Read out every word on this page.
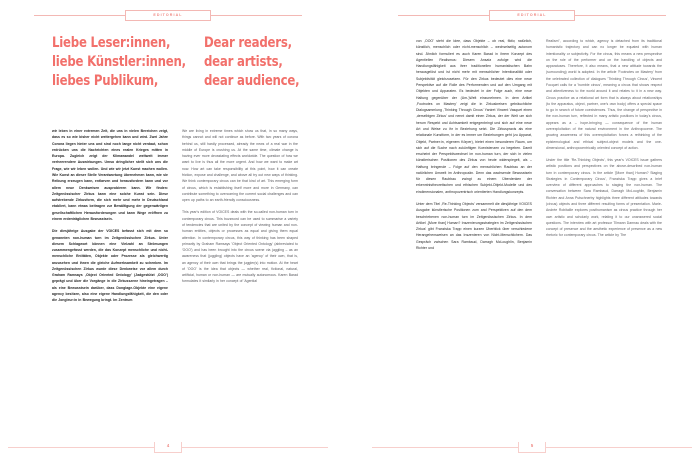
EDITORIAL
Liebe Leser:innen,
liebe Künstler:innen,
liebes Publikum,
Dear readers,
dear artists,
dear audience,

wir leben in einer extremen Zeit, die uns in vielen Bereichen zeigt, dass es so wie bisher nicht weitergehen kann und wird. Zwei Jahre Corona liegen hinter uns und sind noch lange nicht verdaut, schon erdrücken uns die Nachrichten eines realen Krieges mitten in Europa. Zugleich zeigt der Klimawandel weltweit immer verheerendere Auswirkungen. Umso dringlicher stellt sich uns die Frage, wie wir leben wollen. Und wie wir jetzt Kunst machen wollen. Wie Kunst an dieser Stelle Verantwortung übernehmen kann, wie sie Reibung erzeugen kann, entlarven und herausfordern kann und vor allem neue Denkweisen ausprobieren kann. Wir finden: Zeitgenössischer Zirkus kann eine solche Kunst sein. Diese aufstrebende Zirkusform, die sich mehr und mehr in Deutschland etabliert, kann etwas beitragen zur Bewältigung der gegenwärtigen gesellschaftlichen Herausforderungen und kann Wege eröffnen zu einem erdenträglichen Bewusstsein.

Die diesjährige Ausgabe der VOICES befasst sich mit dem so genannten non-human turn im Zeitgenössischen Zirkus. Unter diesem Schlagwort können eine Vielzahl an Strömungen zusammengefasst werden, die das Konzept menschliche und nicht-menschliche Entitäten, Objekte oder Prozesse als gleichwertig anzusehen und ihnen die gleiche Aufmerksamkeit zu schenken. Im Zeitgenössischen Zirkus wurde diese Denkweise vor allem durch Graham Ramsays ,Object Oriented Ontology' (Jadgestützt ,OOO') geprägt und über die Vorgänge in die Zirkusszene hineingetragen – als eine Bewusstsein darüber, dass Donglage-Objekte eine eigene agency besitzen, also eine eigene Handlungsfähigkeit, die den oder die Jongleur:in in Bewegung bringt. Im Zentrum

We are living in extreme times which show us that, in so many ways, things cannot and will not continue as before. With two years of corona behind us, still hardly processed, already the news of a real war in the middle of Europe is crushing us. At the same time, climate change is having ever more devastating effects worldwide. The question of how we want to live is thus all the more urgent. And how we want to make art now. How art can take responsibility at this point, how it can create friction, expose and challenge, and above all try out new ways of thinking. We think contemporary circus can be that kind of art. This emerging form of circus, which is establishing itself more and more in Germany, can contribute something to overcoming the current social challenges and can open up paths to an earth-friendly consciousness.

This year's edition of VOICES deals with the so-called non-human turn in contemporary circus. This buzzword can be used to summarise a variety of tendencies that are united by the concept of viewing human and non-human entities, objects or processes as equal and giving them equal attention. In contemporary circus, this way of thinking has been shaped primarily by Graham Ramsays 'Object Oriented Ontology' (abbreviated to 'OOO') and has been brought into the circus scene via juggling – as an awareness that (juggling) objects have an 'agency' of their own, that is, an agency of their own that brings the juggler(s) into motion. At the heart of 'OOO' is the idea that objects — whether real, fictional, natural, artificial, human or non-human — are mutually autonomous. Karen Barad formulates it similarly in her concept of 'Agential

4
EDITORIAL

von ,OOO' steht die Idee, dass Objekte – ob real, fiktiv, natürlich, künstlich, menschlich oder nicht-menschlich – wechselseitig autonom sind. Ähnlich formuliert es auch Karen Barad in ihrem Konzept des Agentiellen Realismus: Diesem Ansatz zufolge wird die Handlungsfähigkeit aus ihrer traditionellen humanistischen Bahn herausgelöst und ist nicht mehr mit menschlicher Intentionalität oder Subjektivität gleichzusetzen. Für den Zirkus bedeutet dies eine neue Perspektive auf die Rolle des Performenden und auf den Umgang mit Objekten und Apparaten. Es bedeutet in der Folge auch, eine neue Haltung gegenüber der (Um-)Welt einzunehmen. In dem Artikel ,Footnotes on Mastery' zeigt die in Zirkuskreisen gebräuchliche Dialogsammlung ,Thinking Through Circus' Yaniret Vincent Vasquet einen ,derselbigen Zirkus' und nennt damit einen Zirkus, der der Welt um sich herum Respekt und Achtsamkeit entgegenbringt und sich auf eine neue Art und Weise zu ihr in Beziehung setzt. Die Zirkuspraxis als eine relationale Kunstform, in der es immer um Beziehungen geht (zu Apparat, Objekt, Partner:in, eigenem Körper), bietet einen besonderen Raum, um sich auf die Suche nach zukünftigen Koexistenzen zu begeben. Damit erscheint der Perspektivwechsel im non-human turn, der sich in vielen künstlerischen Positionen des Zirkus von heute widerspiegelt, als – Haftung bringende – Folge auf den menschlichen Raubbau an der natürlichen Umwelt im Anthropozän. Denn das wachsende Bewusstsein für diesen Raubbau zwingt zu einem Überdenken der erkenntnistheoretischen und ethischen Subjekt-Objekt-Modelle und des eindimensionalen, anthropozentrisch orientierten Handlungskonzepts.

Unter dem Titel ,Re-Thinking Objects' versammelt die diesjährige VOICES Ausgabe künstlerische Positionen zum and Perspektiven auf den dem beschriebenen non-human turn im Zeitgenössischen Zirkus. In dem Artikel ,[More than] Human? Inszenierungsstrategien im Zeitgenössischen Zirkus' gibt Franziska Trapp einen kurzen Überblick über verschiedene Herangehensweisen an das Inszenieren von Nicht-Menschlichem. Das Gespräch zwischen Sara Rambaud, Darragh McLoughlin, Benjamin Richter und

Realism", according to which, agency is detached from its traditional humanistic trajectory and can no longer be equated with human intentionality or subjectivity. For the circus, this means a new perspective on the role of the performer and on the handling of objects and apparatuses. Therefore, it also means, that a new attitude towards the (surrounding) world is adopted. In the article 'Footnotes on Mastery' from the celebrated collection of dialogues 'Thinking Through Circus', Vincent Focquet calls for a 'humble circus', meaning a circus that shows respect and attentiveness to the world around it and relates to it in a new way. Circus practice as a relational art form that is always about relationships (to the apparatus, object, partner, one's own body) offers a special space to go in search of future coexistences. Thus, the change of perspective in the non-human turn, reflected in many artistic positions in today's circus, appears as a – hope-bringing — consequence of the human overexploitation of the natural environment in the Anthropocene. The growing awareness of this overexploitation forces a rethinking of the epistemological and ethical subject-object models and the one-dimensional, anthropocentrically oriented concept of action.

Under the title 'Re-Thinking Objects', this year's VOICES issue gathers artistic positions and perspectives on the above-described non-human turn in contemporary circus. In the article '[More than] Human? Staging Strategies in Contemporary Circus', Franziska Trapp gives a brief overview of different approaches to staging the non-human. The conversation between Sara Rambaud, Darragh McLoughlin, Benjamin Richter and Anna Putschnerby highlights three different attitudes towards (circus) objects and three different resulting forms of presentation. Marie-Andrée Robitaille explores posthumanism as circus practice through her own artistic and scholarly work, relating it to our unanswered social questions. The interview with art professor Tilmann Damrau deals with the concept of presence and the aesthetic experience of presence as a new rhetoric for contemporary circus. The article by The

5
